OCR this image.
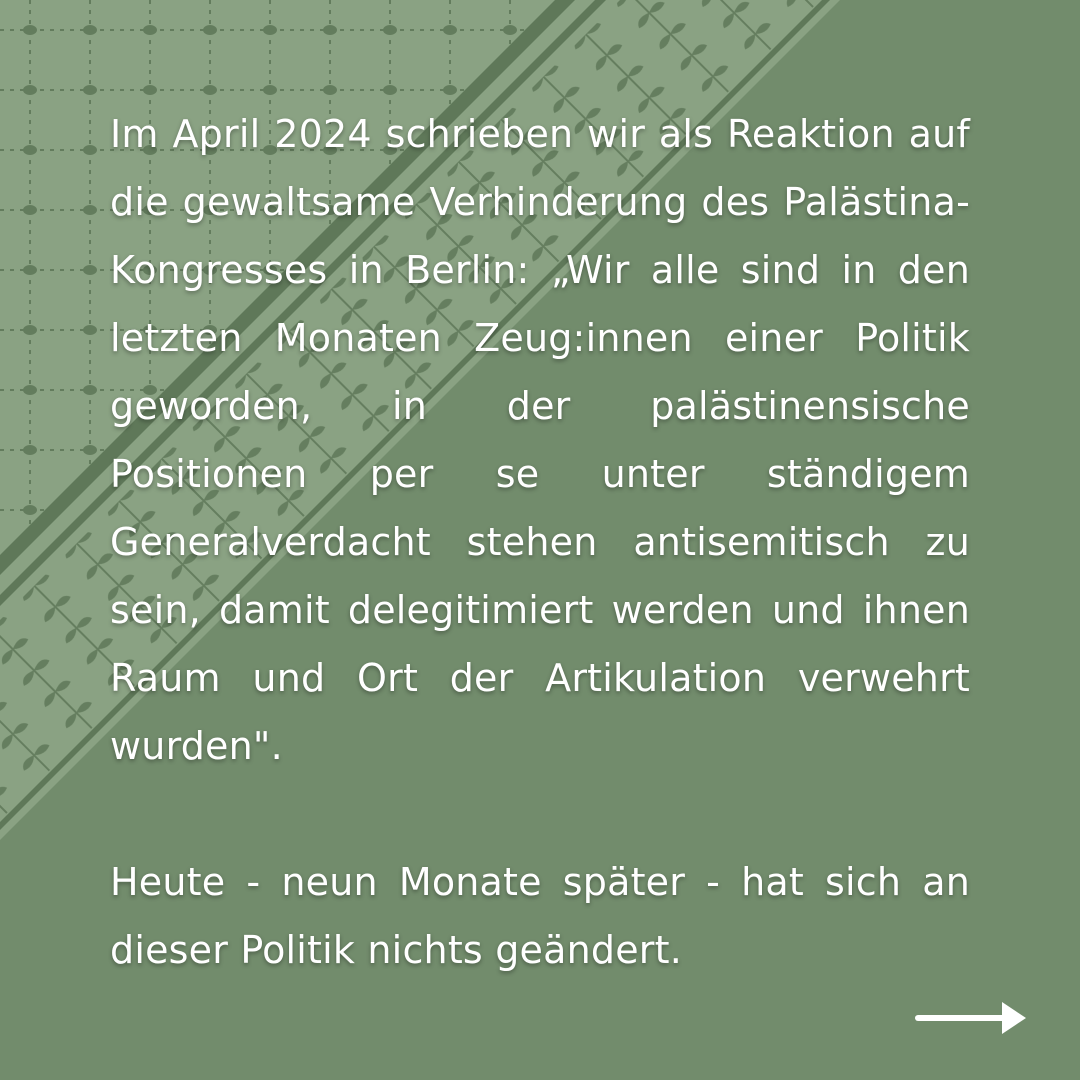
Im April 2024 schrieben wir als Reaktion auf die gewaltsame Verhinderung des Palästina-Kongresses in Berlin: „Wir alle sind in den letzten Monaten Zeug:innen einer Politik geworden, in der palästinensische Positionen per se unter ständigem Generalverdacht stehen antisemitisch zu sein, damit delegitimiert werden und ihnen Raum und Ort der Artikulation verwehrt wurden".

Heute - neun Monate später - hat sich an dieser Politik nichts geändert.
